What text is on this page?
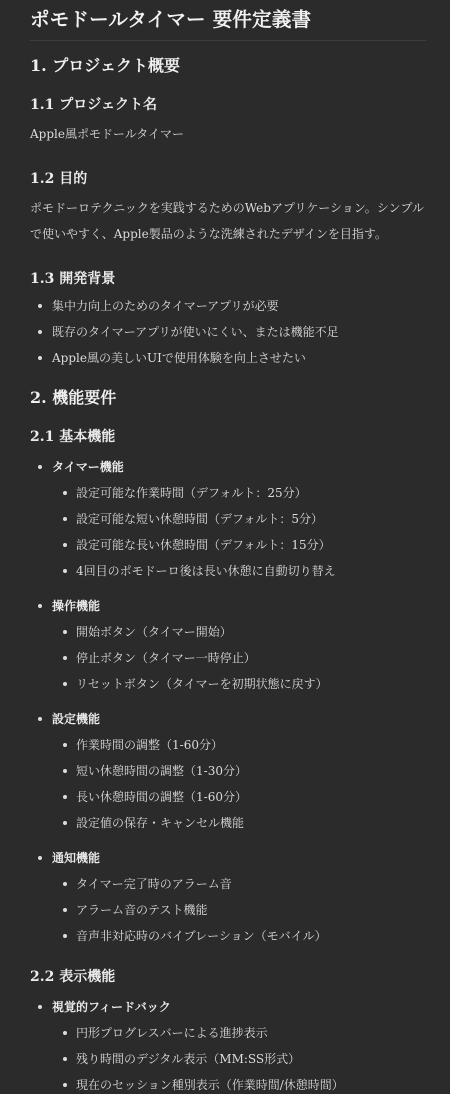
ポモドールタイマー 要件定義書
1. プロジェクト概要
1.1 プロジェクト名

Apple風ポモドールタイマー

1.2 目的

ポモドーロテクニックを実践するためのWebアプリケーション。シンプルで使いやすく、Apple製品のような洗練されたデザインを目指す。

1.3 開発背景
集中力向上のためのタイマーアプリが必要
既存のタイマーアプリが使いにくい、または機能不足
Apple風の美しいUIで使用体験を向上させたい
2. 機能要件
2.1 基本機能
タイマー機能
設定可能な作業時間（デフォルト：25分）
設定可能な短い休憩時間（デフォルト：5分）
設定可能な長い休憩時間（デフォルト：15分）
4回目のポモドーロ後は長い休憩に自動切り替え
操作機能
開始ボタン（タイマー開始）
停止ボタン（タイマー一時停止）
リセットボタン（タイマーを初期状態に戻す）
設定機能
作業時間の調整（1-60分）
短い休憩時間の調整（1-30分）
長い休憩時間の調整（1-60分）
設定値の保存・キャンセル機能
通知機能
タイマー完了時のアラーム音
アラーム音のテスト機能
音声非対応時のバイブレーション（モバイル）
2.2 表示機能
視覚的フィードバック
円形プログレスバーによる進捗表示
残り時間のデジタル表示（MM:SS形式）
現在のセッション種別表示（作業時間/休憩時間）
